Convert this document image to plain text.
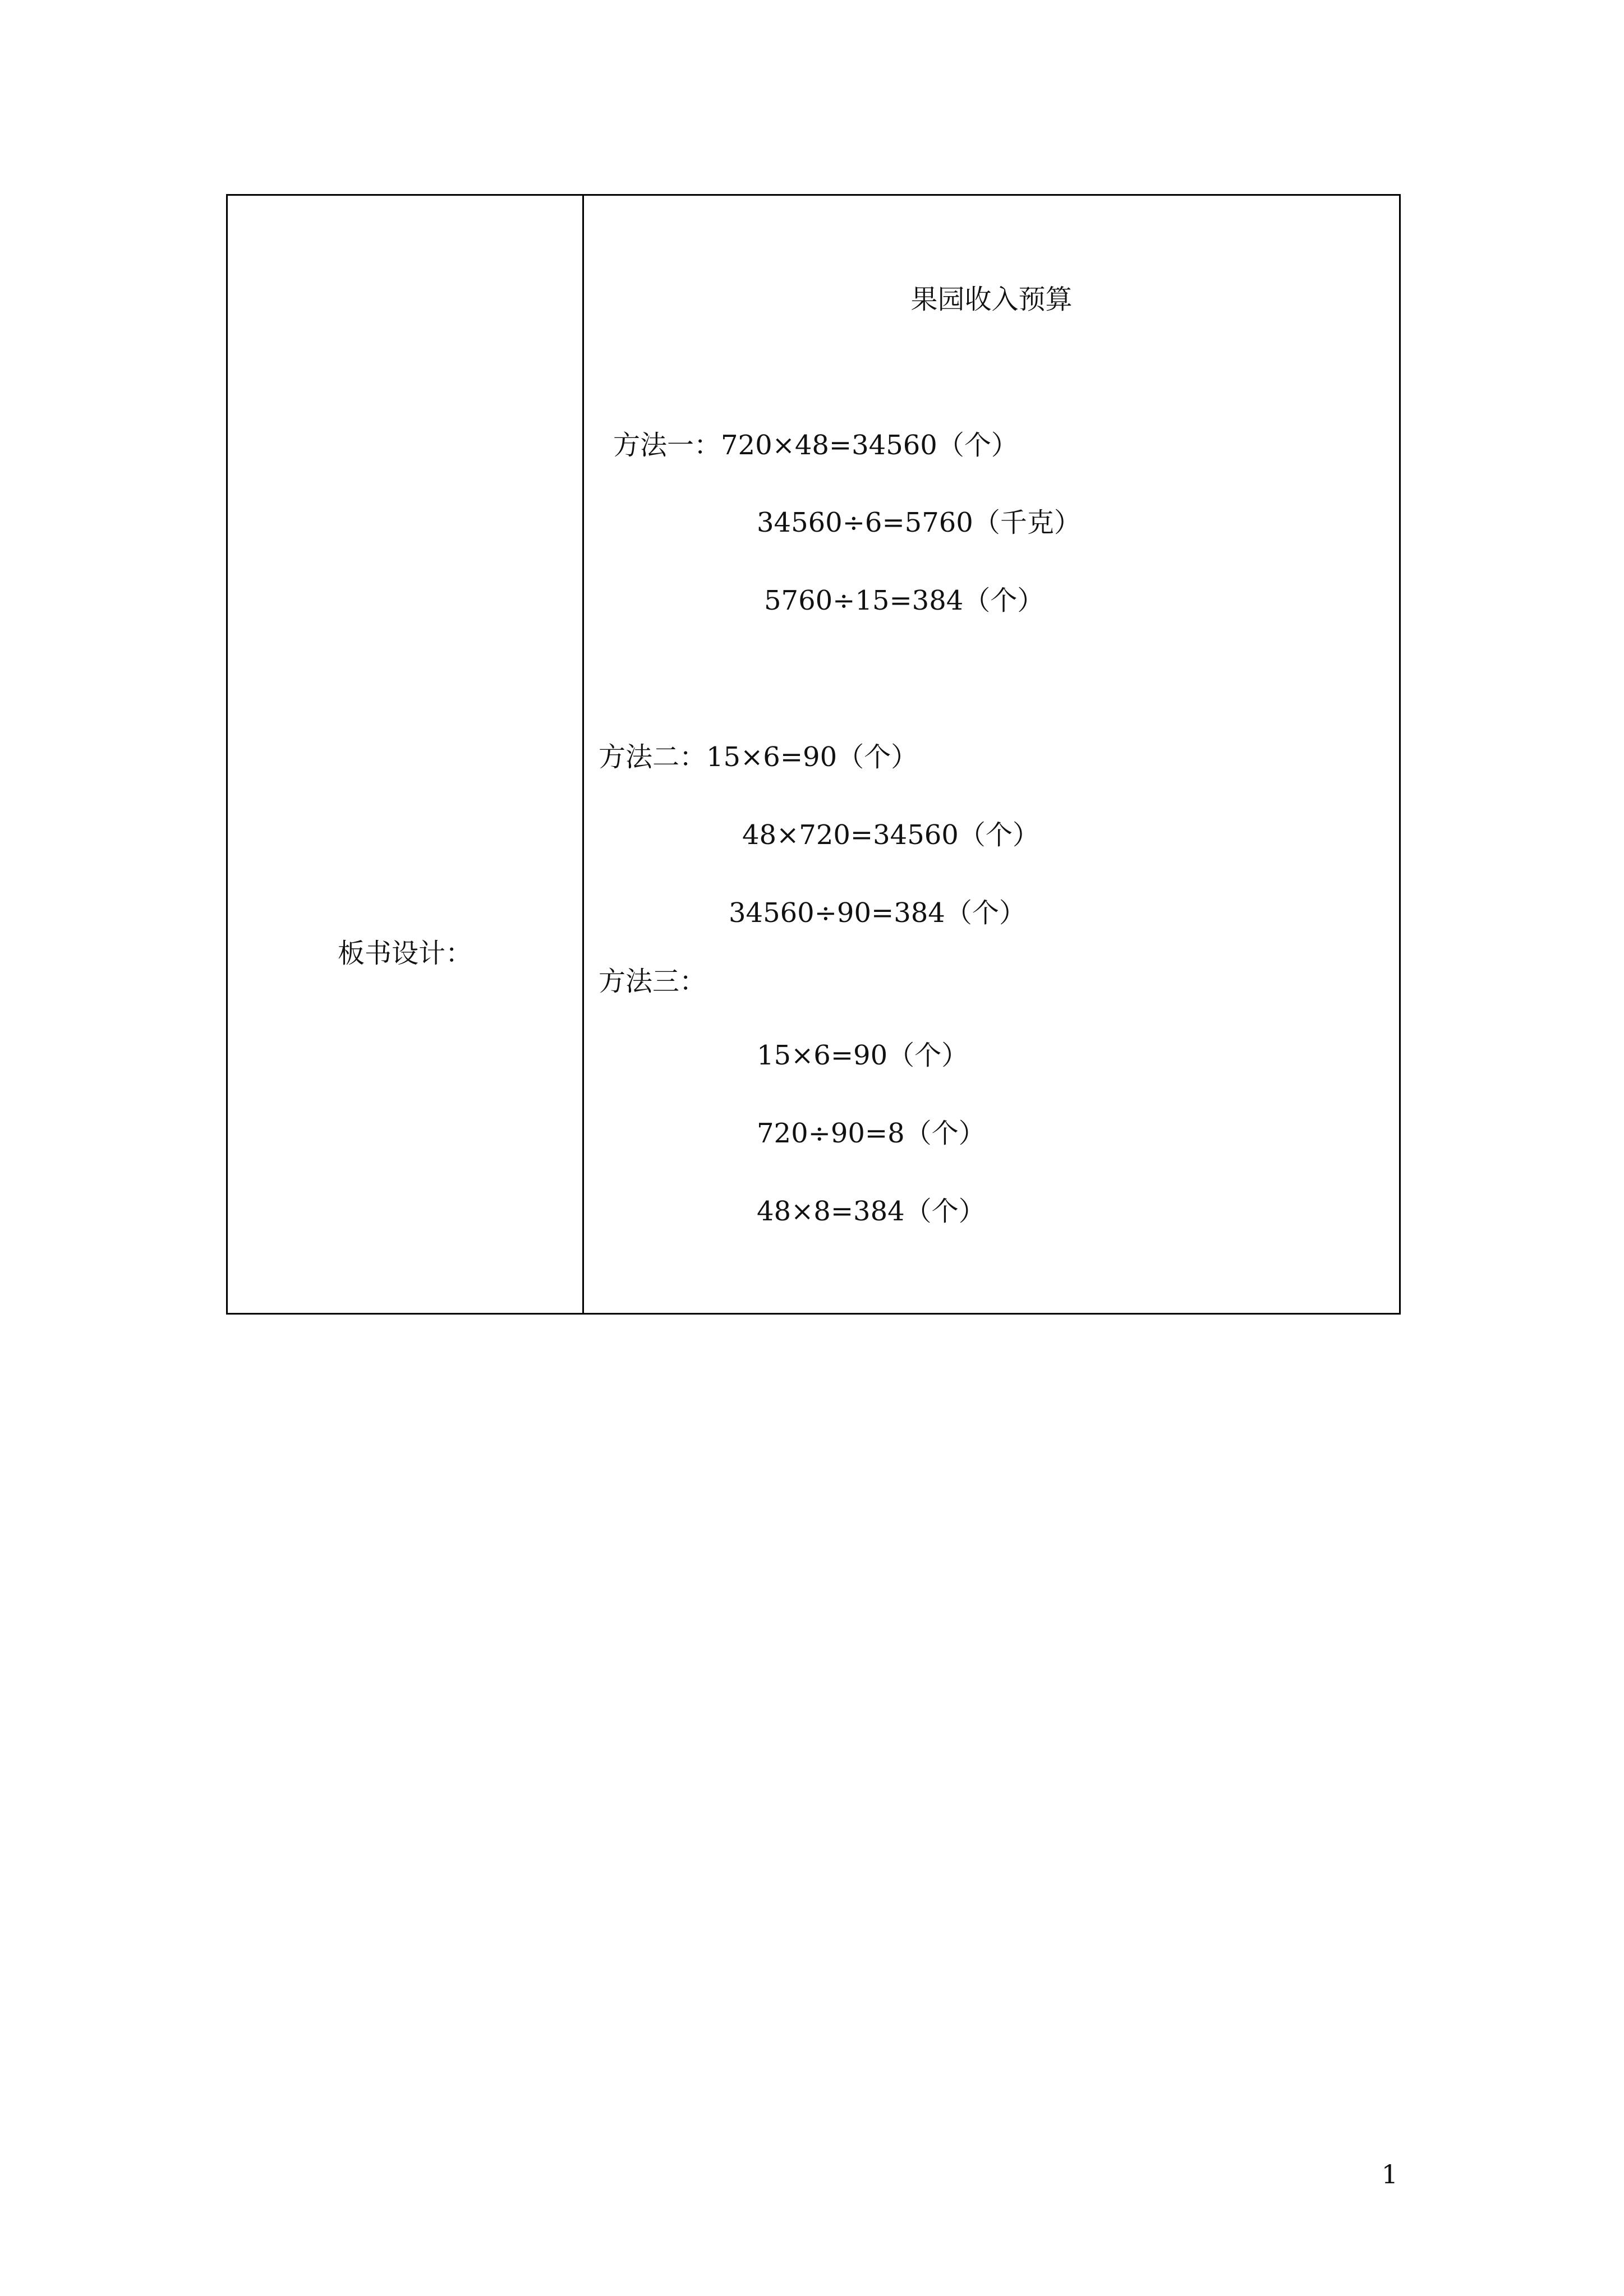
板书设计：
果园收入预算
方法一：720×48=34560（个）
34560÷6=5760（千克）
5760÷15=384（个）
方法二：15×6=90（个）
48×720=34560（个）
34560÷90=384（个）
方法三：
15×6=90（个）
720÷90=8（个）
48×8=384（个）
1
